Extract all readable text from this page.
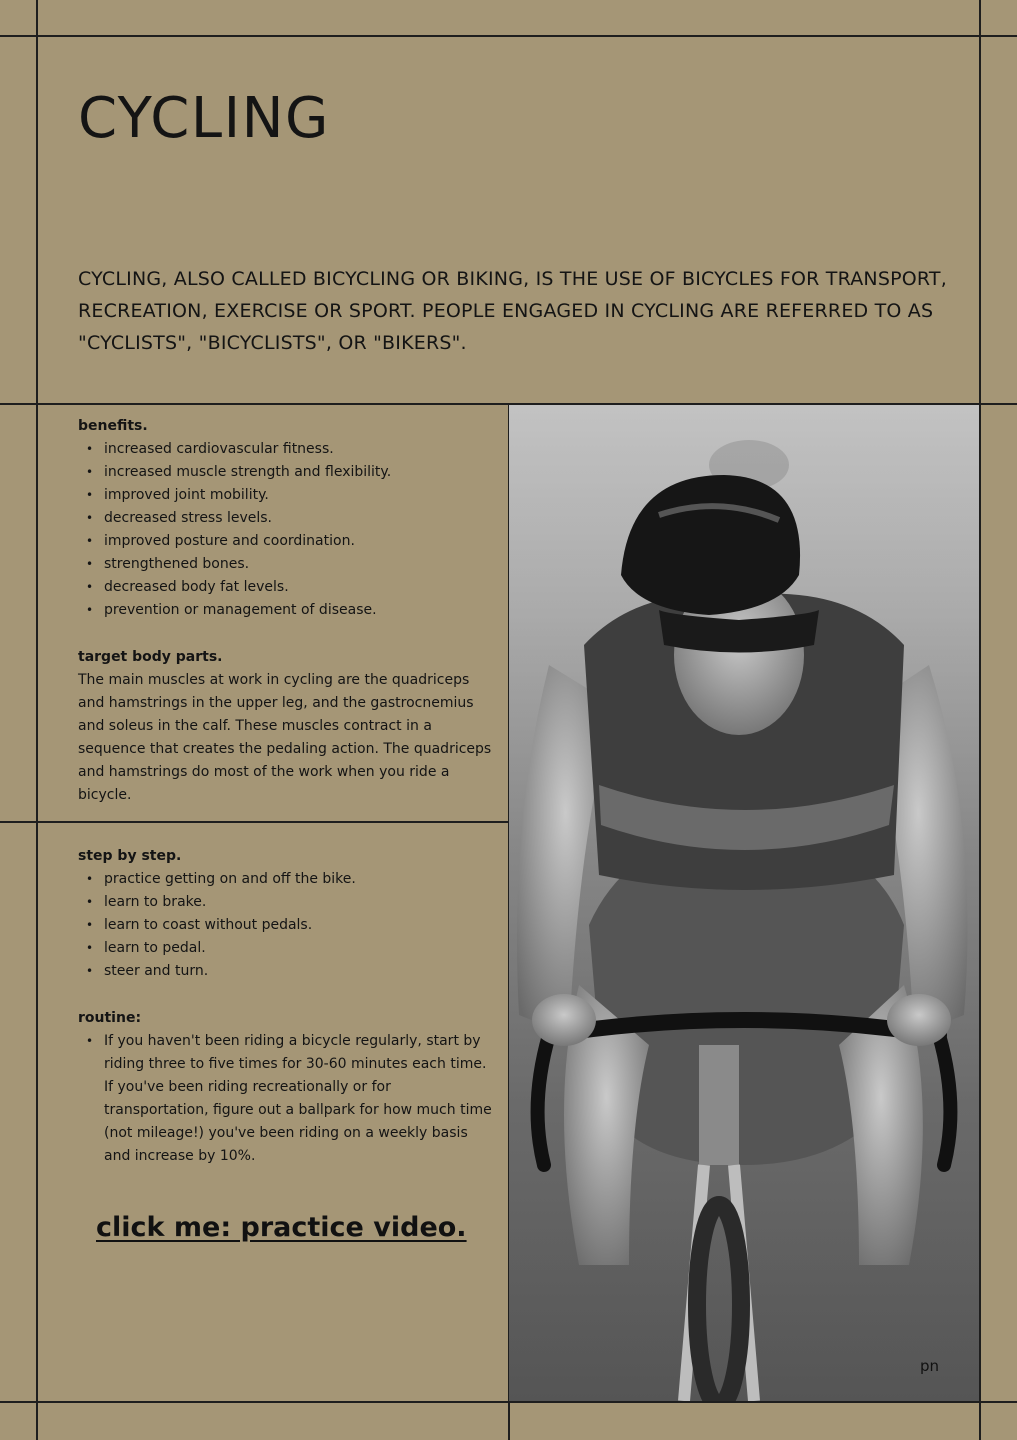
CYCLING

CYCLING, ALSO CALLED BICYCLING OR BIKING, IS THE USE OF BICYCLES FOR TRANSPORT, RECREATION, EXERCISE OR SPORT. PEOPLE ENGAGED IN CYCLING ARE REFERRED TO AS "CYCLISTS", "BICYCLISTS", OR "BIKERS".

benefits.
• increased cardiovascular fitness.
• increased muscle strength and flexibility.
• improved joint mobility.
• decreased stress levels.
• improved posture and coordination.
• strengthened bones.
• decreased body fat levels.
• prevention or management of disease.
target body parts.

The main muscles at work in cycling are the quadriceps and hamstrings in the upper leg, and the gastrocnemius and soleus in the calf. These muscles contract in a sequence that creates the pedaling action. The quadriceps and hamstrings do most of the work when you ride a bicycle.

step by step.
• practice getting on and off the bike.
• learn to brake.
• learn to coast without pedals.
• learn to pedal.
• steer and turn.
routine:
• If you haven't been riding a bicycle regularly, start by riding three to five times for 30-60 minutes each time. If you've been riding recreationally or for transportation, figure out a ballpark for how much time (not mileage!) you've been riding on a weekly basis and increase by 10%.
click me: practice video.
pn
